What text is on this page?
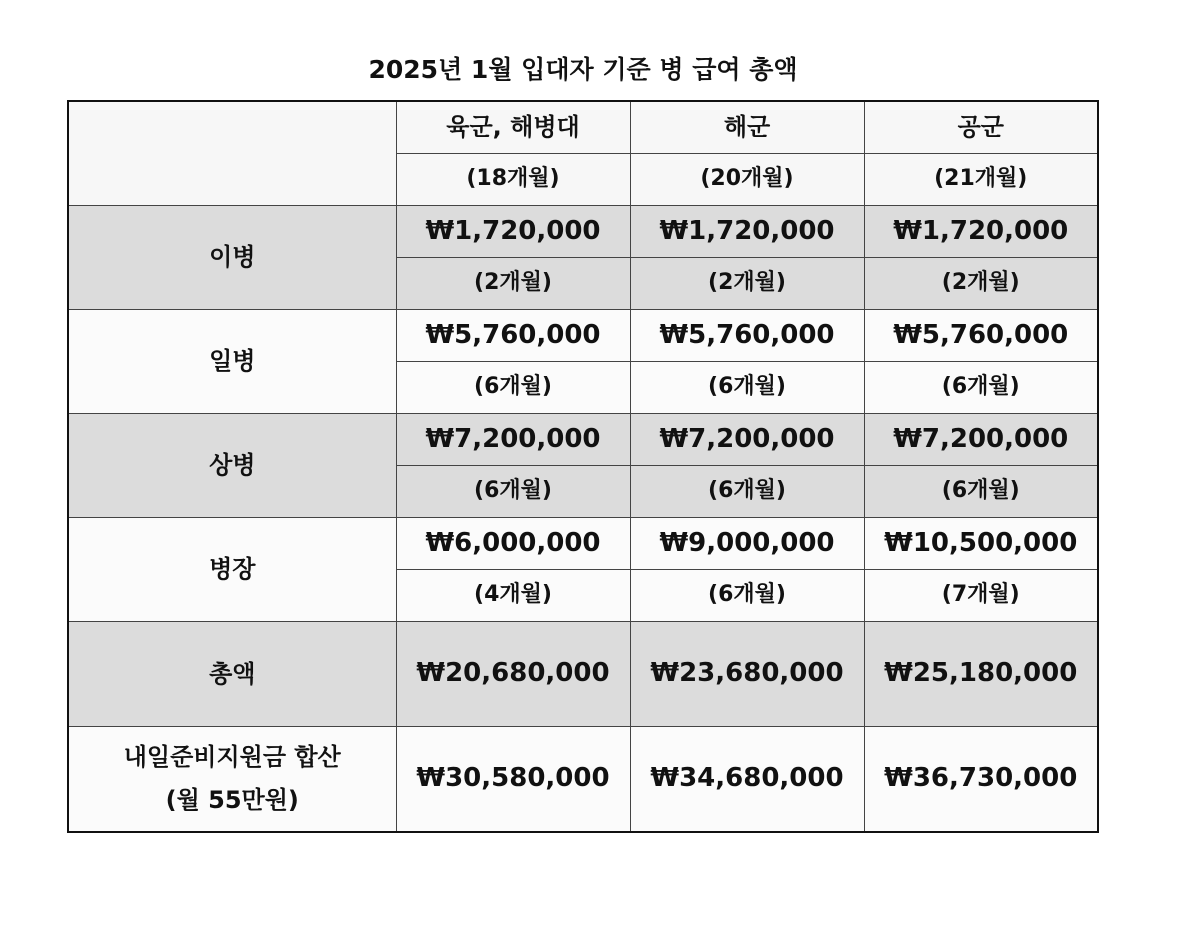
2025년 1월 입대자 기준 병 급여 총액
	육군, 해병대	해군	공군
	(18개월)	(20개월)	(21개월)
이병	₩1,720,000	₩1,720,000	₩1,720,000
	(2개월)	(2개월)	(2개월)
일병	₩5,760,000	₩5,760,000	₩5,760,000
	(6개월)	(6개월)	(6개월)
상병	₩7,200,000	₩7,200,000	₩7,200,000
	(6개월)	(6개월)	(6개월)
병장	₩6,000,000	₩9,000,000	₩10,500,000
	(4개월)	(6개월)	(7개월)
총액	₩20,680,000	₩23,680,000	₩25,180,000

내일준비지원금 합산
(월 55만원)	₩30,580,000	₩34,680,000	₩36,730,000
